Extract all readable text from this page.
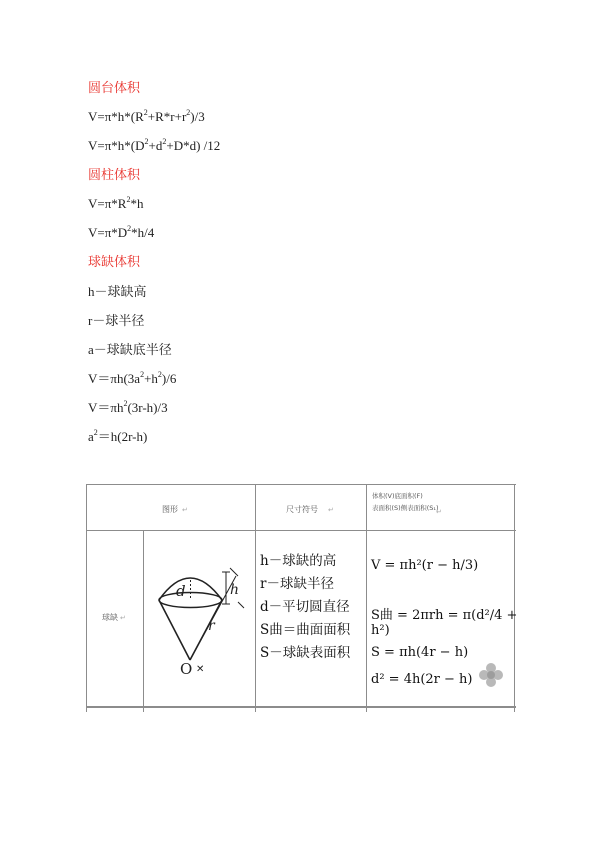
圆台体积
$V=\pi*h*(R^2+R*r+r^2)/3$
$V=\pi*h*(D^2+d^2+D*d)$ /12
圆柱体积
$V=\pi*R^2*h$
$V=\pi*D^2*h/4$
球缺体积
h－球缺高
r－球半径
a－球缺底半径
$V=\pi h(3a^2+h^2)/6$
$V=\pi h^2(3r-h)/3$
$a^2=h(2r-h)$
图形 ↵	尺寸符号 ↵
体积(V)底面积(F)
表面积(S)侧表面积(S₁)
↵
球缺 ↵
✕
d	h
r
O
h－球缺的高
r－球缺半径
d－平切圆直径
S曲＝曲面面积
S－球缺表面积
V = πh²(r − h/3)
S曲 = 2πrh = π(d²/4 + h²)
S = πh(4r − h)
d² = 4h(2r − h)
